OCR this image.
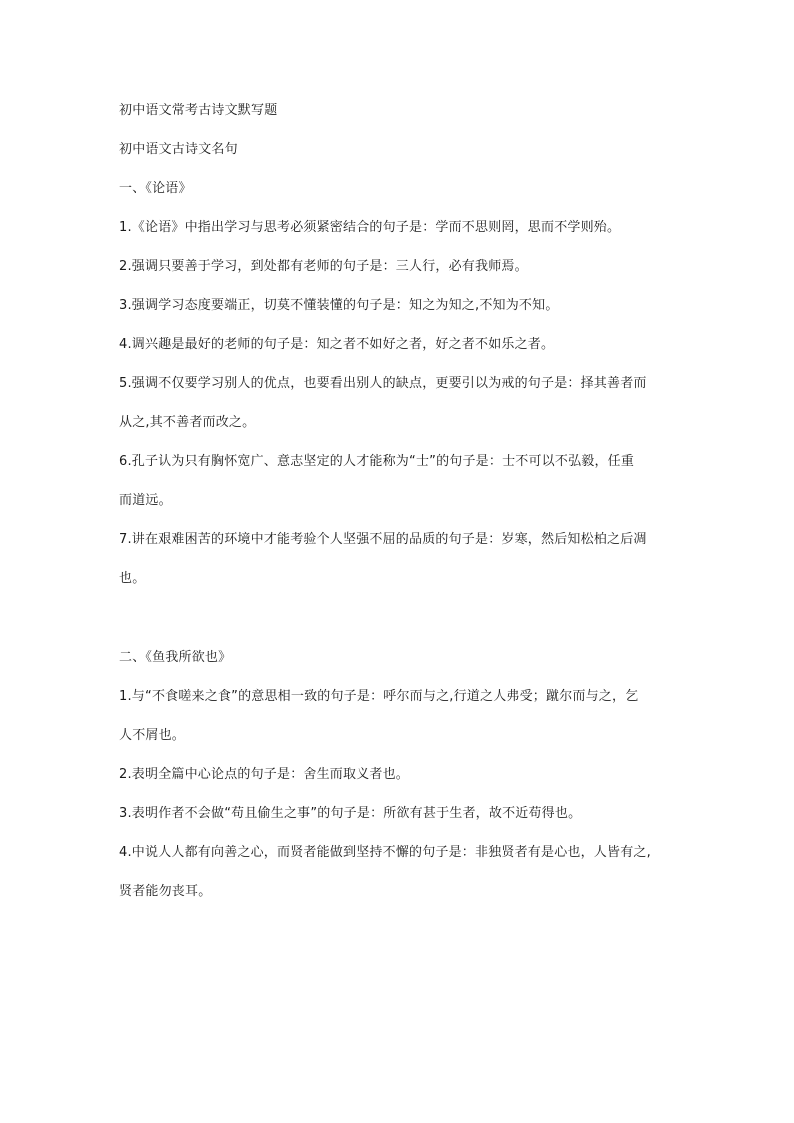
初中语文常考古诗文默写题
初中语文古诗文名句
一、《论语》
1.《论语》中指出学习与思考必须紧密结合的句子是：学而不思则罔，思而不学则殆。
2.强调只要善于学习，到处都有老师的句子是：三人行，必有我师焉。
3.强调学习态度要端正，切莫不懂装懂的句子是：知之为知之,不知为不知。
4.调兴趣是最好的老师的句子是：知之者不如好之者，好之者不如乐之者。
5.强调不仅要学习别人的优点，也要看出别人的缺点，更要引以为戒的句子是：择其善者而
从之,其不善者而改之。
6.孔子认为只有胸怀宽广、意志坚定的人才能称为“士”的句子是：士不可以不弘毅，任重
而道远。
7.讲在艰难困苦的环境中才能考验个人坚强不屈的品质的句子是：岁寒，然后知松柏之后凋
也。
二、《鱼我所欲也》
1.与“不食嗟来之食”的意思相一致的句子是：呼尔而与之,行道之人弗受；蹴尔而与之，乞
人不屑也。
2.表明全篇中心论点的句子是：舍生而取义者也。
3.表明作者不会做“苟且偷生之事”的句子是：所欲有甚于生者，故不近苟得也。
4.中说人人都有向善之心，而贤者能做到坚持不懈的句子是：非独贤者有是心也，人皆有之,
贤者能勿丧耳。
